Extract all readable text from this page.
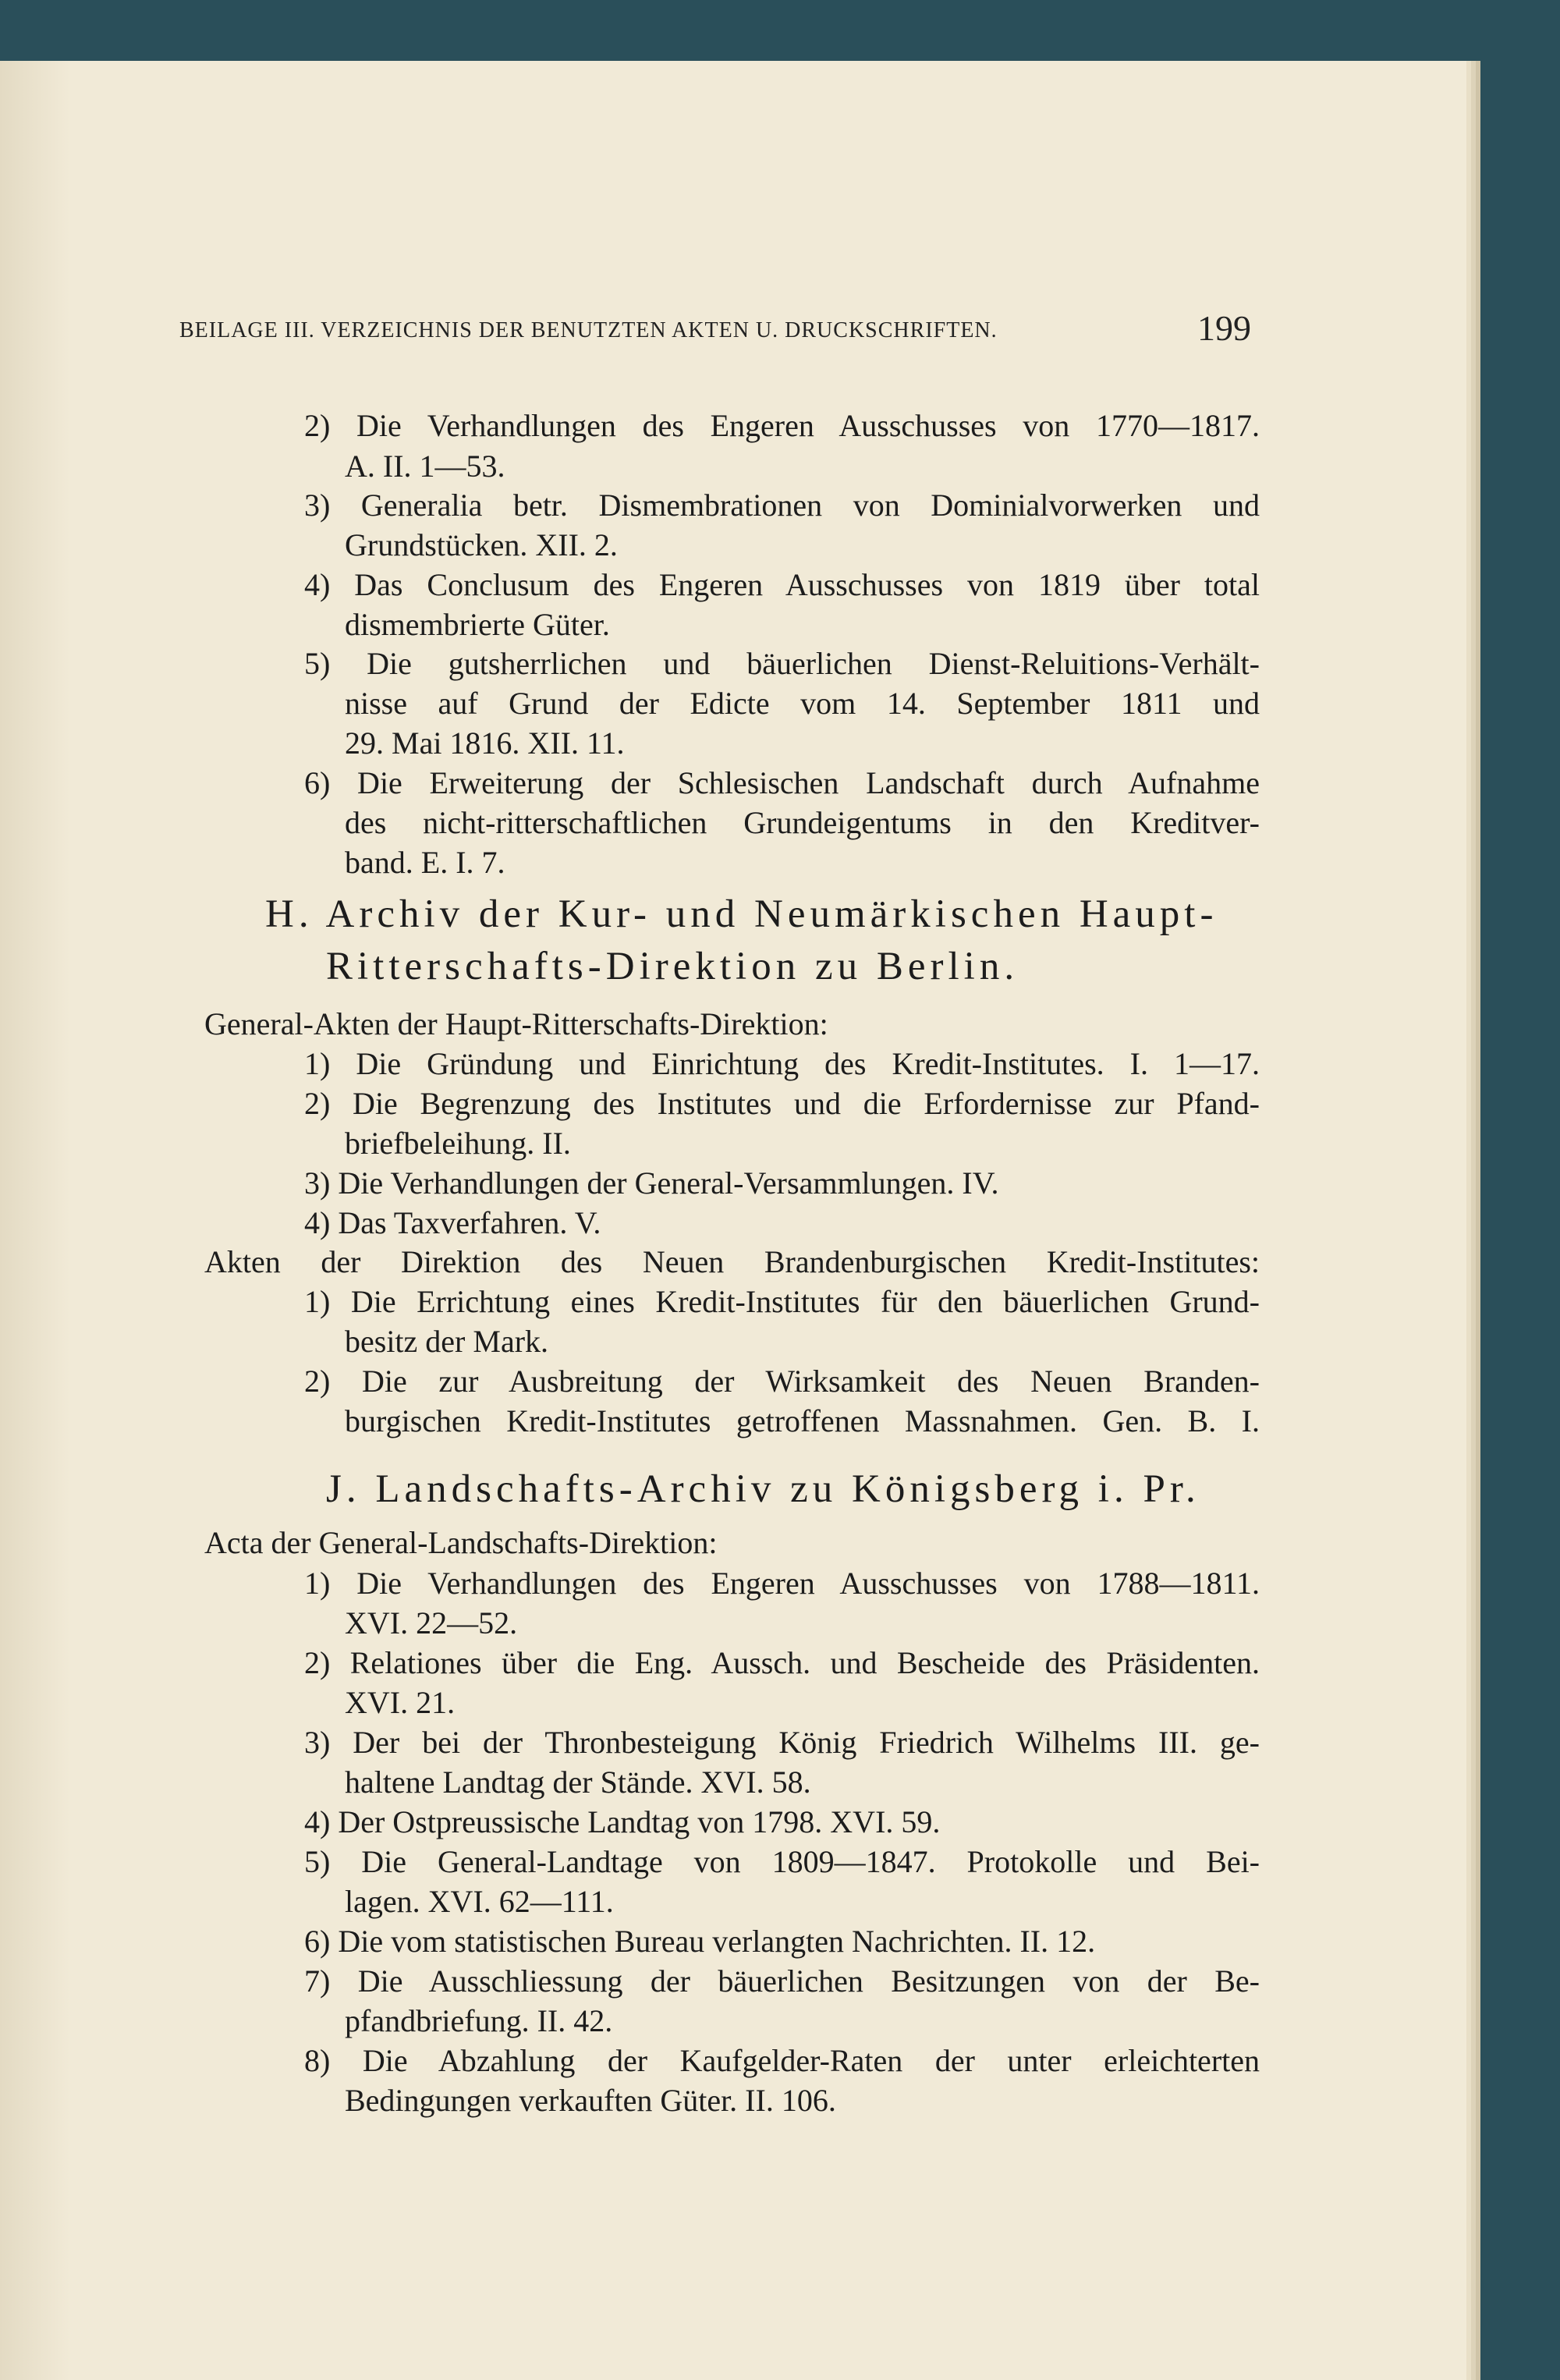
BEILAGE III. VERZEICHNIS DER BENUTZTEN AKTEN U. DRUCKSCHRIFTEN.	199
2) Die Verhandlungen des Engeren Ausschusses von 1770—1817.
A. II. 1—53.
3) Generalia betr. Dismembrationen von Dominialvorwerken und
Grundstücken. XII. 2.
4) Das Conclusum des Engeren Ausschusses von 1819 über total
dismembrierte Güter.
5) Die gutsherrlichen und bäuerlichen Dienst-Reluitions-Verhält-
nisse auf Grund der Edicte vom 14. September 1811 und
29. Mai 1816. XII. 11.
6) Die Erweiterung der Schlesischen Landschaft durch Aufnahme
des nicht-ritterschaftlichen Grundeigentums in den Kreditver-
band. E. I. 7.
H. Archiv der Kur- und Neumärkischen Haupt-
Ritterschafts-Direktion zu Berlin.
General-Akten der Haupt-Ritterschafts-Direktion:
1) Die Gründung und Einrichtung des Kredit-Institutes. I. 1—17.
2) Die Begrenzung des Institutes und die Erfordernisse zur Pfand-
briefbeleihung. II.
3) Die Verhandlungen der General-Versammlungen. IV.
4) Das Taxverfahren. V.
Akten der Direktion des Neuen Brandenburgischen Kredit-Institutes:
1) Die Errichtung eines Kredit-Institutes für den bäuerlichen Grund-
besitz der Mark.
2) Die zur Ausbreitung der Wirksamkeit des Neuen Branden-
burgischen Kredit-Institutes getroffenen Massnahmen. Gen. B. I.
J. Landschafts-Archiv zu Königsberg i. Pr.
Acta der General-Landschafts-Direktion:
1) Die Verhandlungen des Engeren Ausschusses von 1788—1811.
XVI. 22—52.
2) Relationes über die Eng. Aussch. und Bescheide des Präsidenten.
XVI. 21.
3) Der bei der Thronbesteigung König Friedrich Wilhelms III. ge-
haltene Landtag der Stände. XVI. 58.
4) Der Ostpreussische Landtag von 1798. XVI. 59.
5) Die General-Landtage von 1809—1847. Protokolle und Bei-
lagen. XVI. 62—111.
6) Die vom statistischen Bureau verlangten Nachrichten. II. 12.
7) Die Ausschliessung der bäuerlichen Besitzungen von der Be-
pfandbriefung. II. 42.
8) Die Abzahlung der Kaufgelder-Raten der unter erleichterten
Bedingungen verkauften Güter. II. 106.
